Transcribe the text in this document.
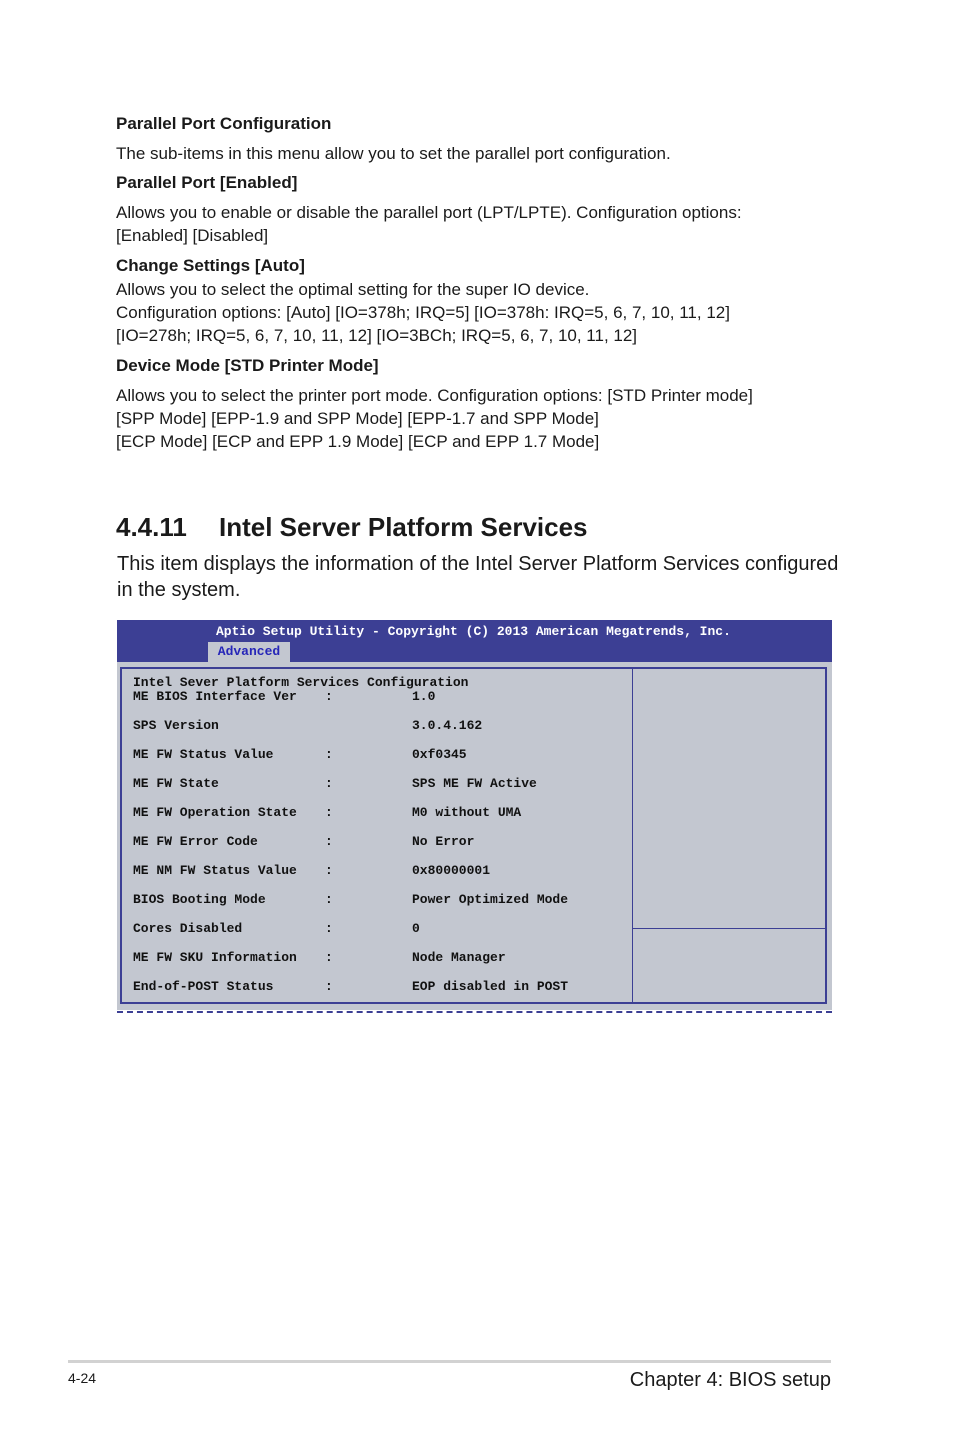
Parallel Port Configuration
The sub-items in this menu allow you to set the parallel port configuration.
Parallel Port [Enabled]
Allows you to enable or disable the parallel port (LPT/LPTE). Configuration options:
[Enabled] [Disabled]
Change Settings [Auto]
Allows you to select the optimal setting for the super IO device.
Configuration options: [Auto] [IO=378h; IRQ=5] [IO=378h: IRQ=5, 6, 7, 10, 11, 12]
[IO=278h; IRQ=5, 6, 7, 10, 11, 12] [IO=3BCh; IRQ=5, 6, 7, 10, 11, 12]
Device Mode [STD Printer Mode]
Allows you to select the printer port mode. Configuration options: [STD Printer mode]
[SPP Mode] [EPP-1.9 and SPP Mode] [EPP-1.7 and SPP Mode]
[ECP Mode] [ECP and EPP 1.9 Mode] [ECP and EPP 1.7 Mode]
4.4.11 Intel Server Platform Services
This item displays the information of the Intel Server Platform Services configured
in the system.
Aptio Setup Utility - Copyright (C) 2013 American Megatrends, Inc.
Advanced
Intel Sever Platform Services Configuration
ME BIOS Interface Ver :	1.0
SPS Version	3.0.4.162
ME FW Status Value	:	0xf0345
ME FW State	:	SPS ME FW Active
ME FW Operation State :	M0 without UMA
ME FW Error Code	:	No Error
ME NM FW Status Value :	0x80000001
BIOS Booting Mode	:	Power Optimized Mode
Cores Disabled	:	0
ME FW SKU Information :	Node Manager
End-of-POST Status	:	EOP disabled in POST
4-24	Chapter 4: BIOS setup
